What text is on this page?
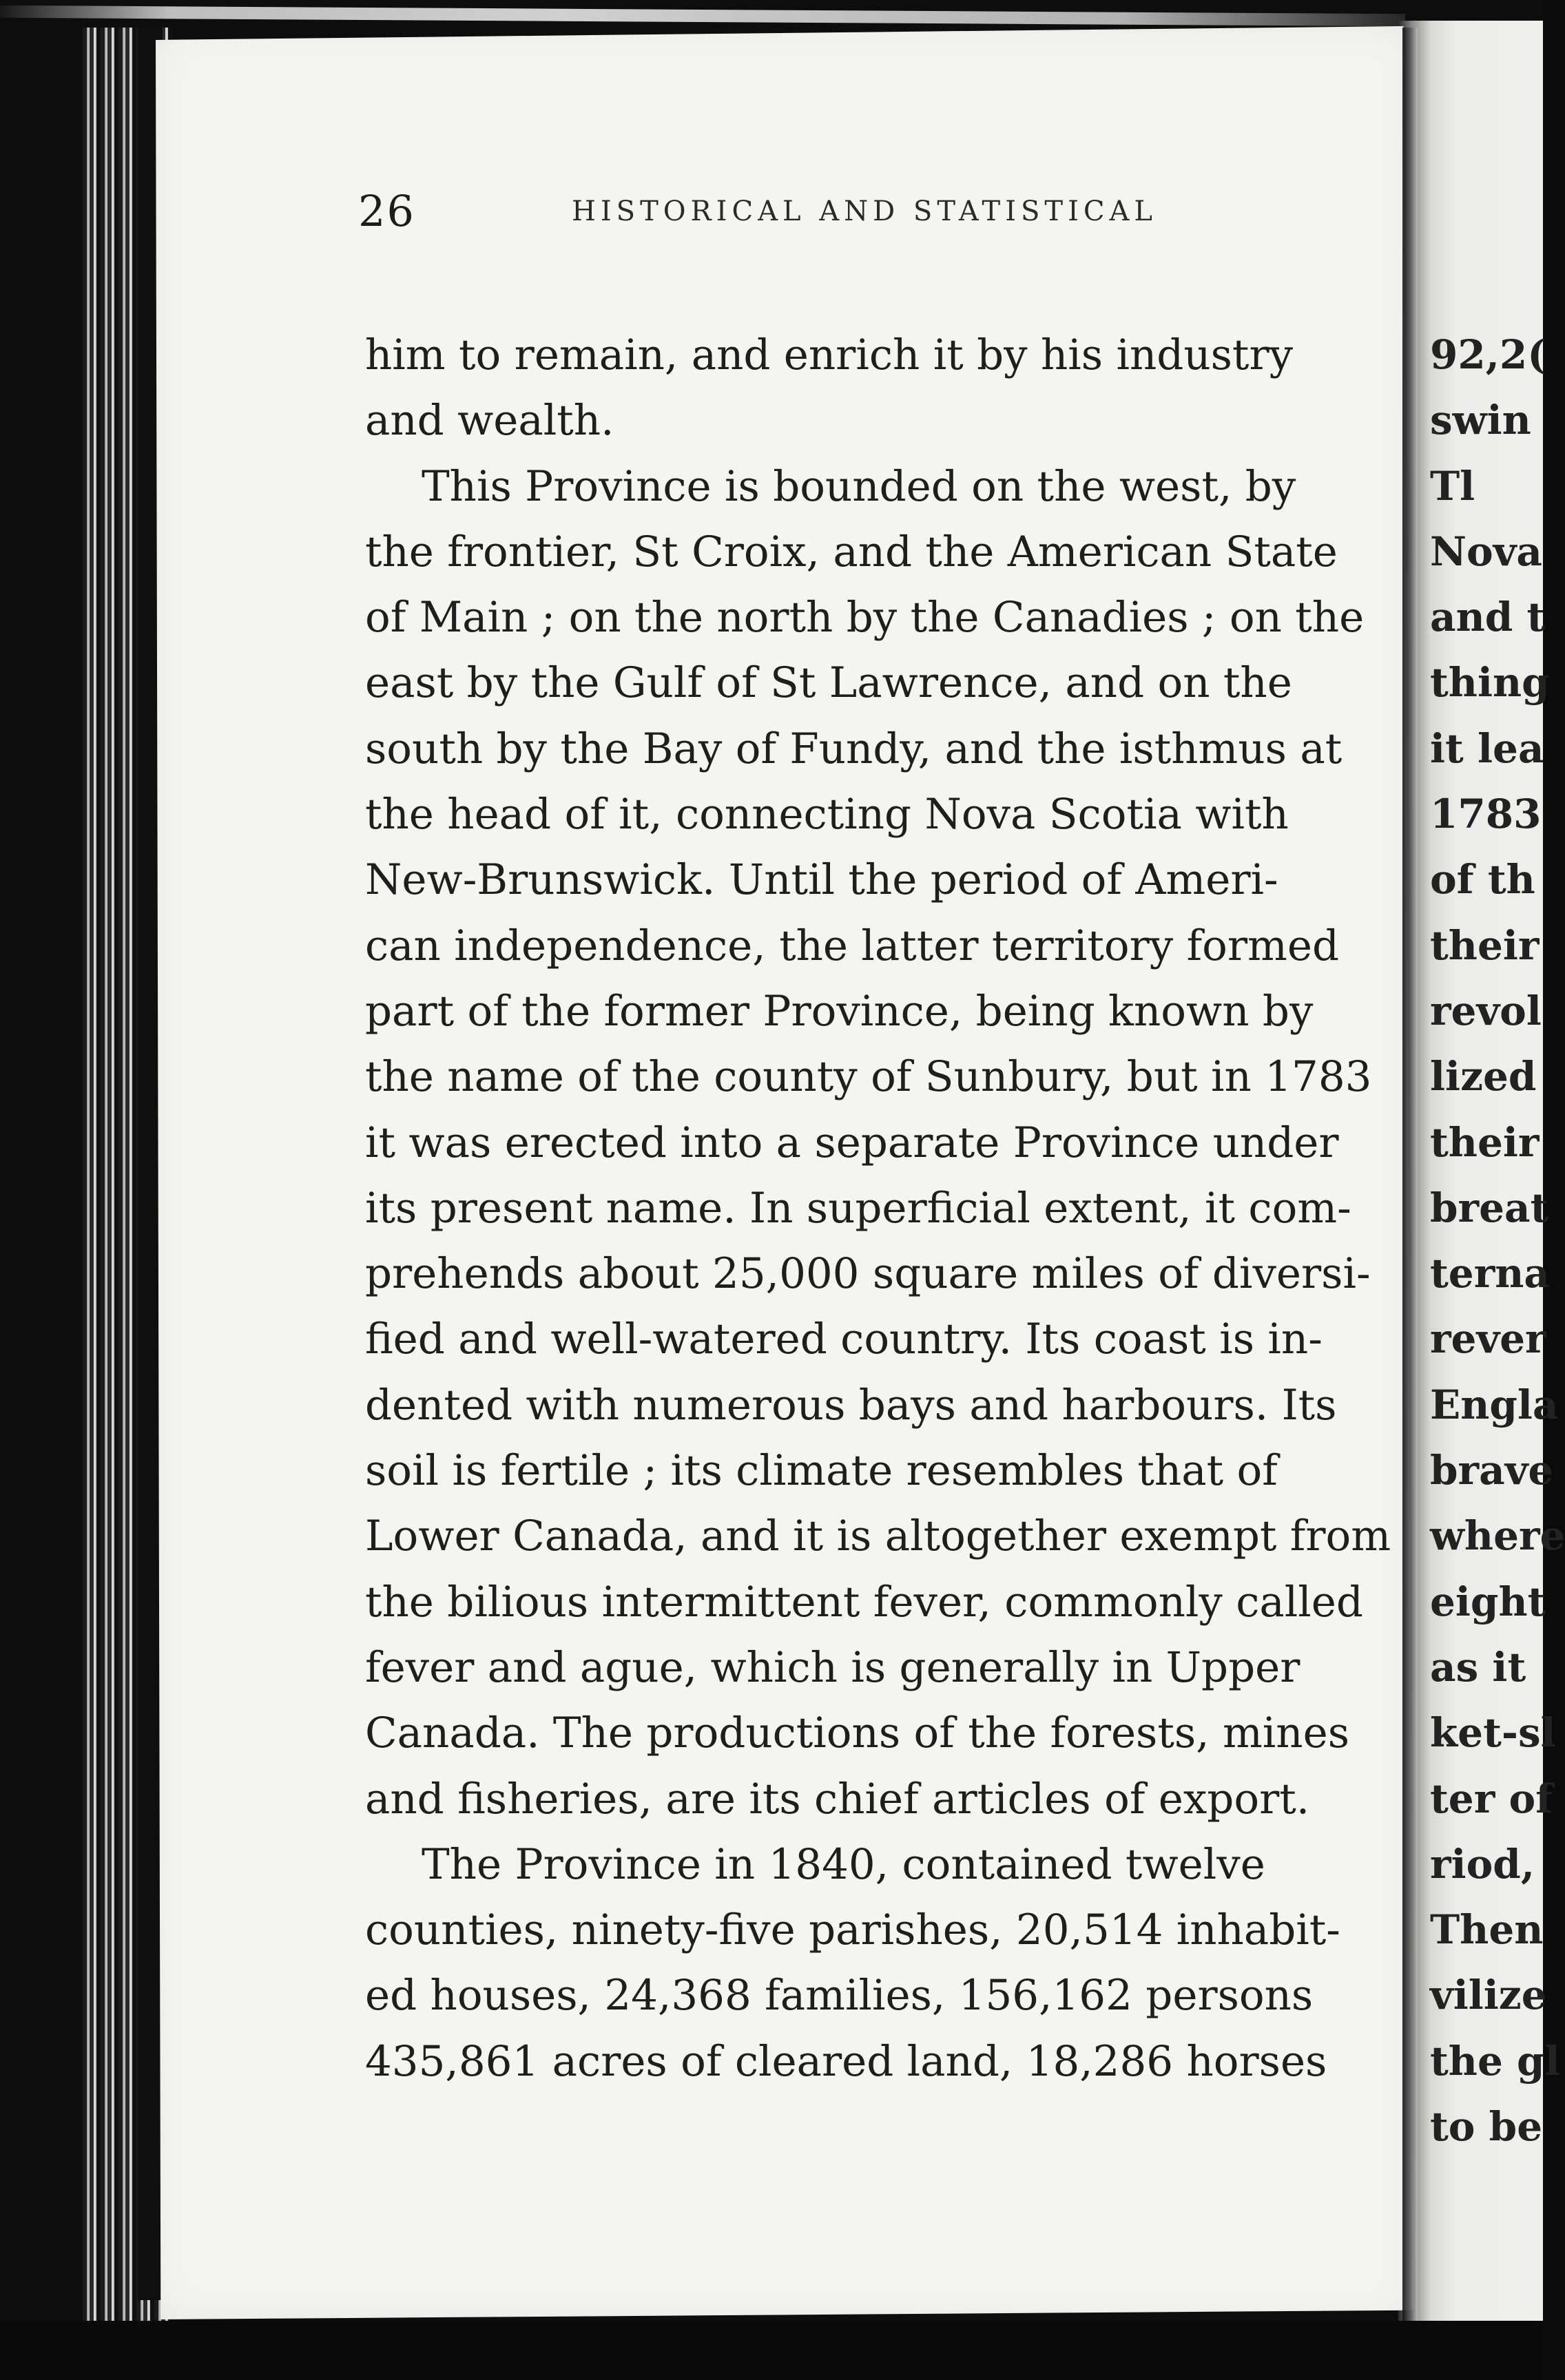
26	HISTORICAL AND STATISTICAL
him to remain, and enrich it by his industry
and wealth.
This Province is bounded on the west, by
the frontier, St Croix, and the American State
of Main ; on the north by the Canadies ; on the
east by the Gulf of St Lawrence, and on the
south by the Bay of Fundy, and the isthmus at
the head of it, connecting Nova Scotia with
New-Brunswick. Until the period of Ameri-
can independence, the latter territory formed
part of the former Province, being known by
the name of the county of Sunbury, but in 1783
it was erected into a separate Province under
its present name. In superficial extent, it com-
prehends about 25,000 square miles of diversi-
fied and well-watered country. Its coast is in-
dented with numerous bays and harbours. Its
soil is fertile ; its climate resembles that of
Lower Canada, and it is altogether exempt from
the bilious intermittent fever, commonly called
fever and ague, which is generally in Upper
Canada. The productions of the forests, mines
and fisheries, are its chief articles of export.
The Province in 1840, contained twelve
counties, ninety-five parishes, 20,514 inhabit-
ed houses, 24,368 families, 156,162 persons
435,861 acres of cleared land, 18,286 horses
92,2(
swin
Tl
Nova
and t
thing
it lea
1783
of th
their
revol
lized
their
breat
terna
rever
Engla
brave
where
eight
as it
ket-sl
ter of
riod,
Then
vilize
the gl
to be
